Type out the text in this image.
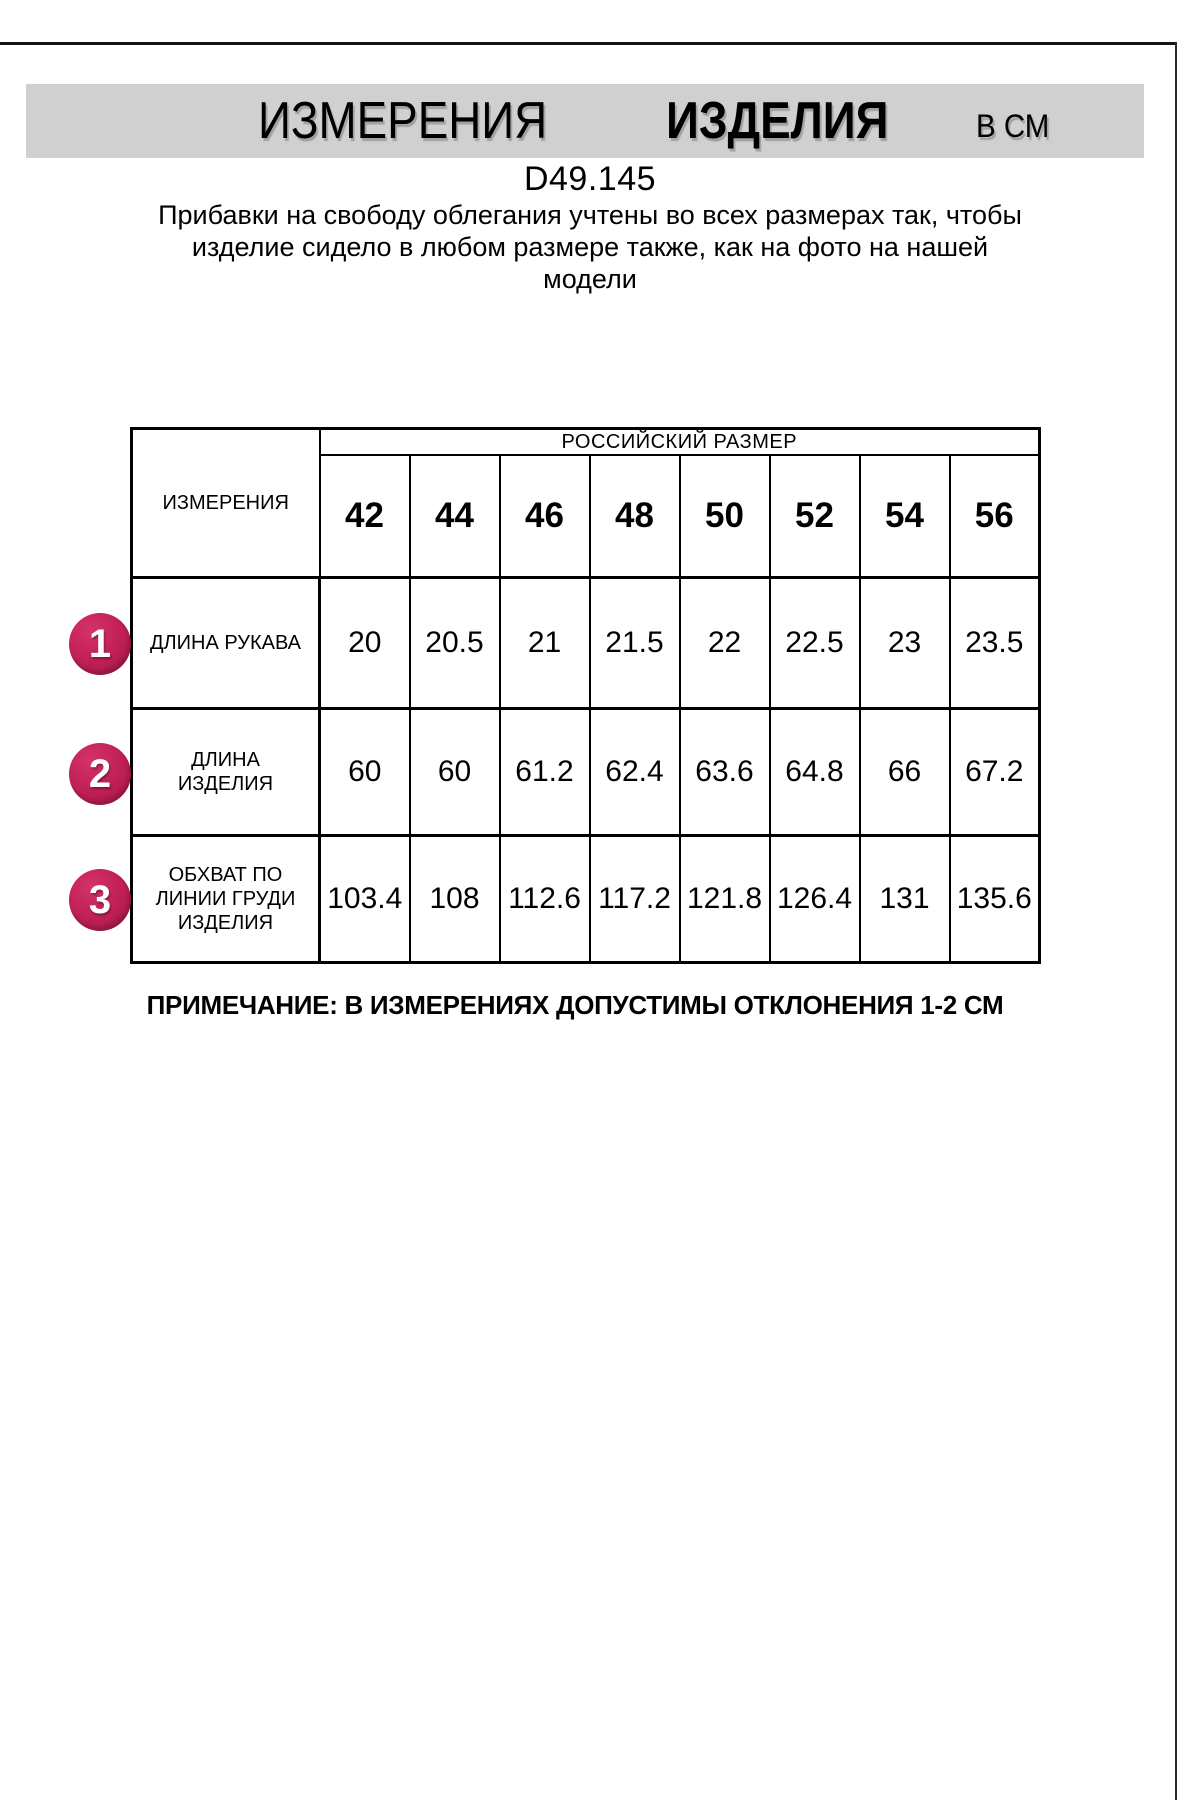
ИЗМЕРЕНИЯ ИЗДЕЛИЯ	В СМ
D49.145
Прибавки на свободу облегания учтены во всех размерах так, чтобы
изделие сидело в любом размере также, как на фото на нашей
модели
ИЗМЕРЕНИЯ	РОССИЙСКИЙ РАЗМЕР							
	42	44	46	48	50	52	54	56

ДЛИНА РУКАВА	20	20.5	21	21.5	22	22.5	23	23.5

ДЛИНА
ИЗДЕЛИЯ	60	60	61.2	62.4	63.6	64.8	66	67.2

ОБХВАТ ПО
ЛИНИИ ГРУДИ
ИЗДЕЛИЯ	103.4	108	112.6	117.2	121.8	126.4	131	135.6
1
2
3
ПРИМЕЧАНИЕ: В ИЗМЕРЕНИЯХ ДОПУСТИМЫ ОТКЛОНЕНИЯ 1-2 СМ
